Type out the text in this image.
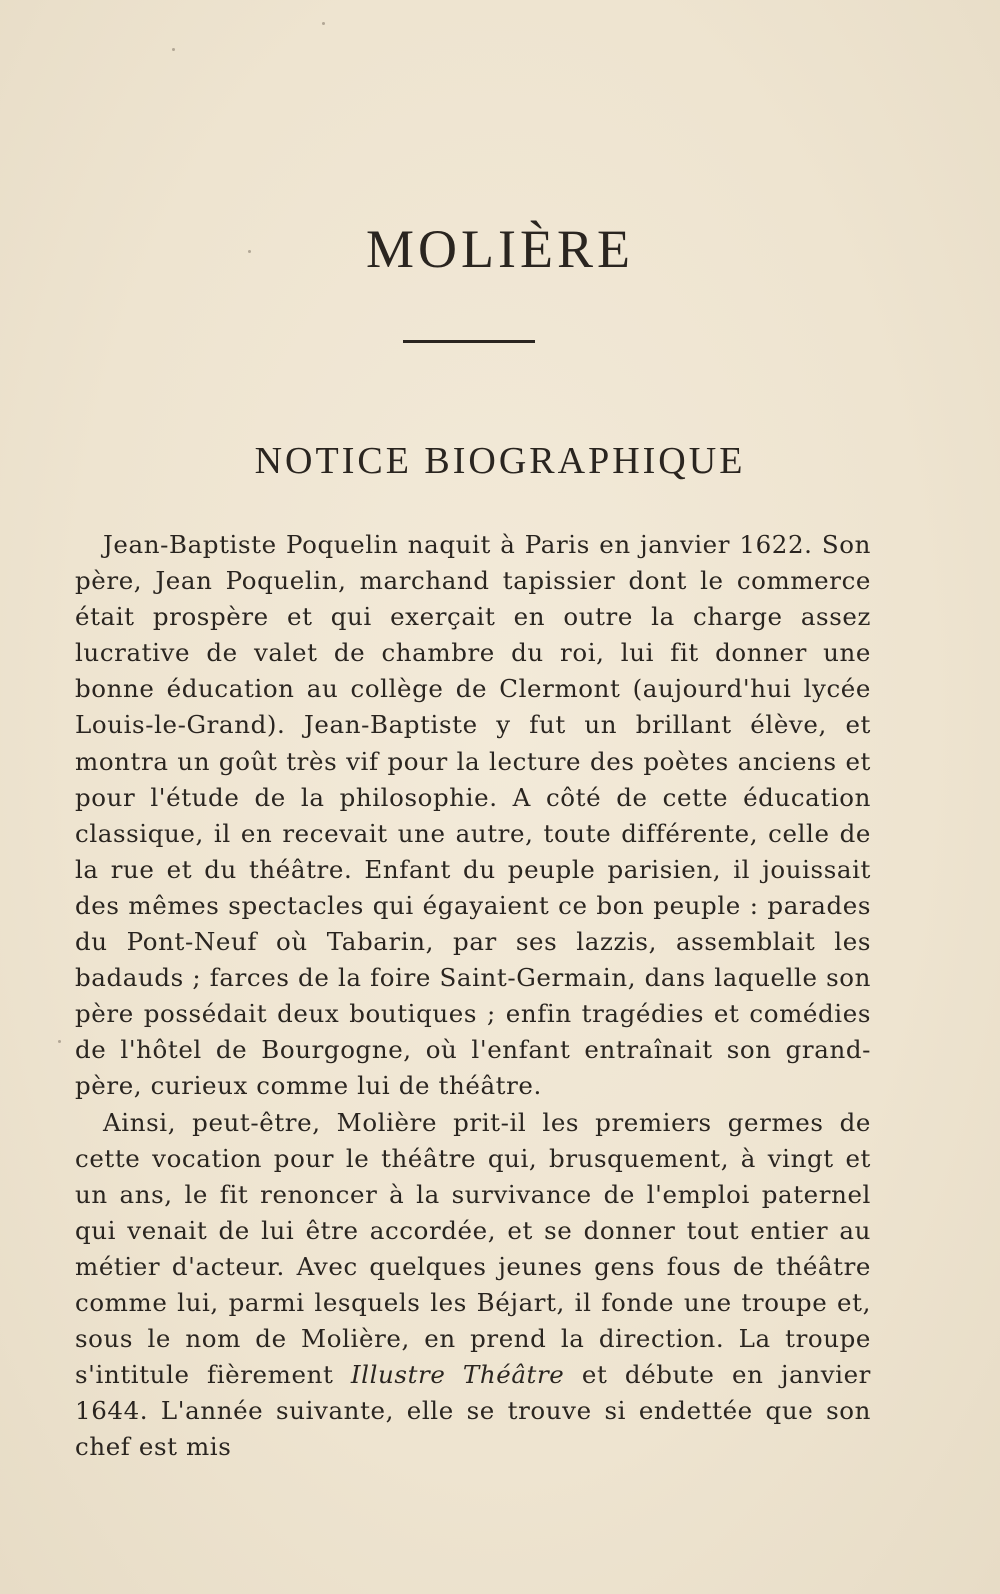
MOLIÈRE
NOTICE BIOGRAPHIQUE

Jean-Baptiste Poquelin naquit à Paris en janvier 1622. Son père, Jean Poquelin, marchand tapissier dont le commerce était prospère et qui exerçait en outre la charge assez lucrative de valet de chambre du roi, lui fit donner une bonne éducation au collège de Clermont (aujourd'hui lycée Louis-le-Grand). Jean-Baptiste y fut un brillant élève, et montra un goût très vif pour la lecture des poètes anciens et pour l'étude de la philosophie. A côté de cette éducation classique, il en recevait une autre, toute différente, celle de la rue et du théâtre. Enfant du peuple parisien, il jouissait des mêmes spectacles qui égayaient ce bon peuple : parades du Pont-Neuf où Tabarin, par ses lazzis, assemblait les badauds ; farces de la foire Saint-Germain, dans laquelle son père possédait deux boutiques ; enfin tragédies et comédies de l'hôtel de Bourgogne, où l'enfant entraînait son grand-père, curieux comme lui de théâtre.

Ainsi, peut-être, Molière prit-il les premiers germes de cette vocation pour le théâtre qui, brusquement, à vingt et un ans, le fit renoncer à la survivance de l'emploi paternel qui venait de lui être accordée, et se donner tout entier au métier d'acteur. Avec quelques jeunes gens fous de théâtre comme lui, parmi lesquels les Béjart, il fonde une troupe et, sous le nom de Molière, en prend la direction. La troupe s'intitule fièrement Illustre Théâtre et débute en janvier 1644. L'année suivante, elle se trouve si endettée que son chef est mis
